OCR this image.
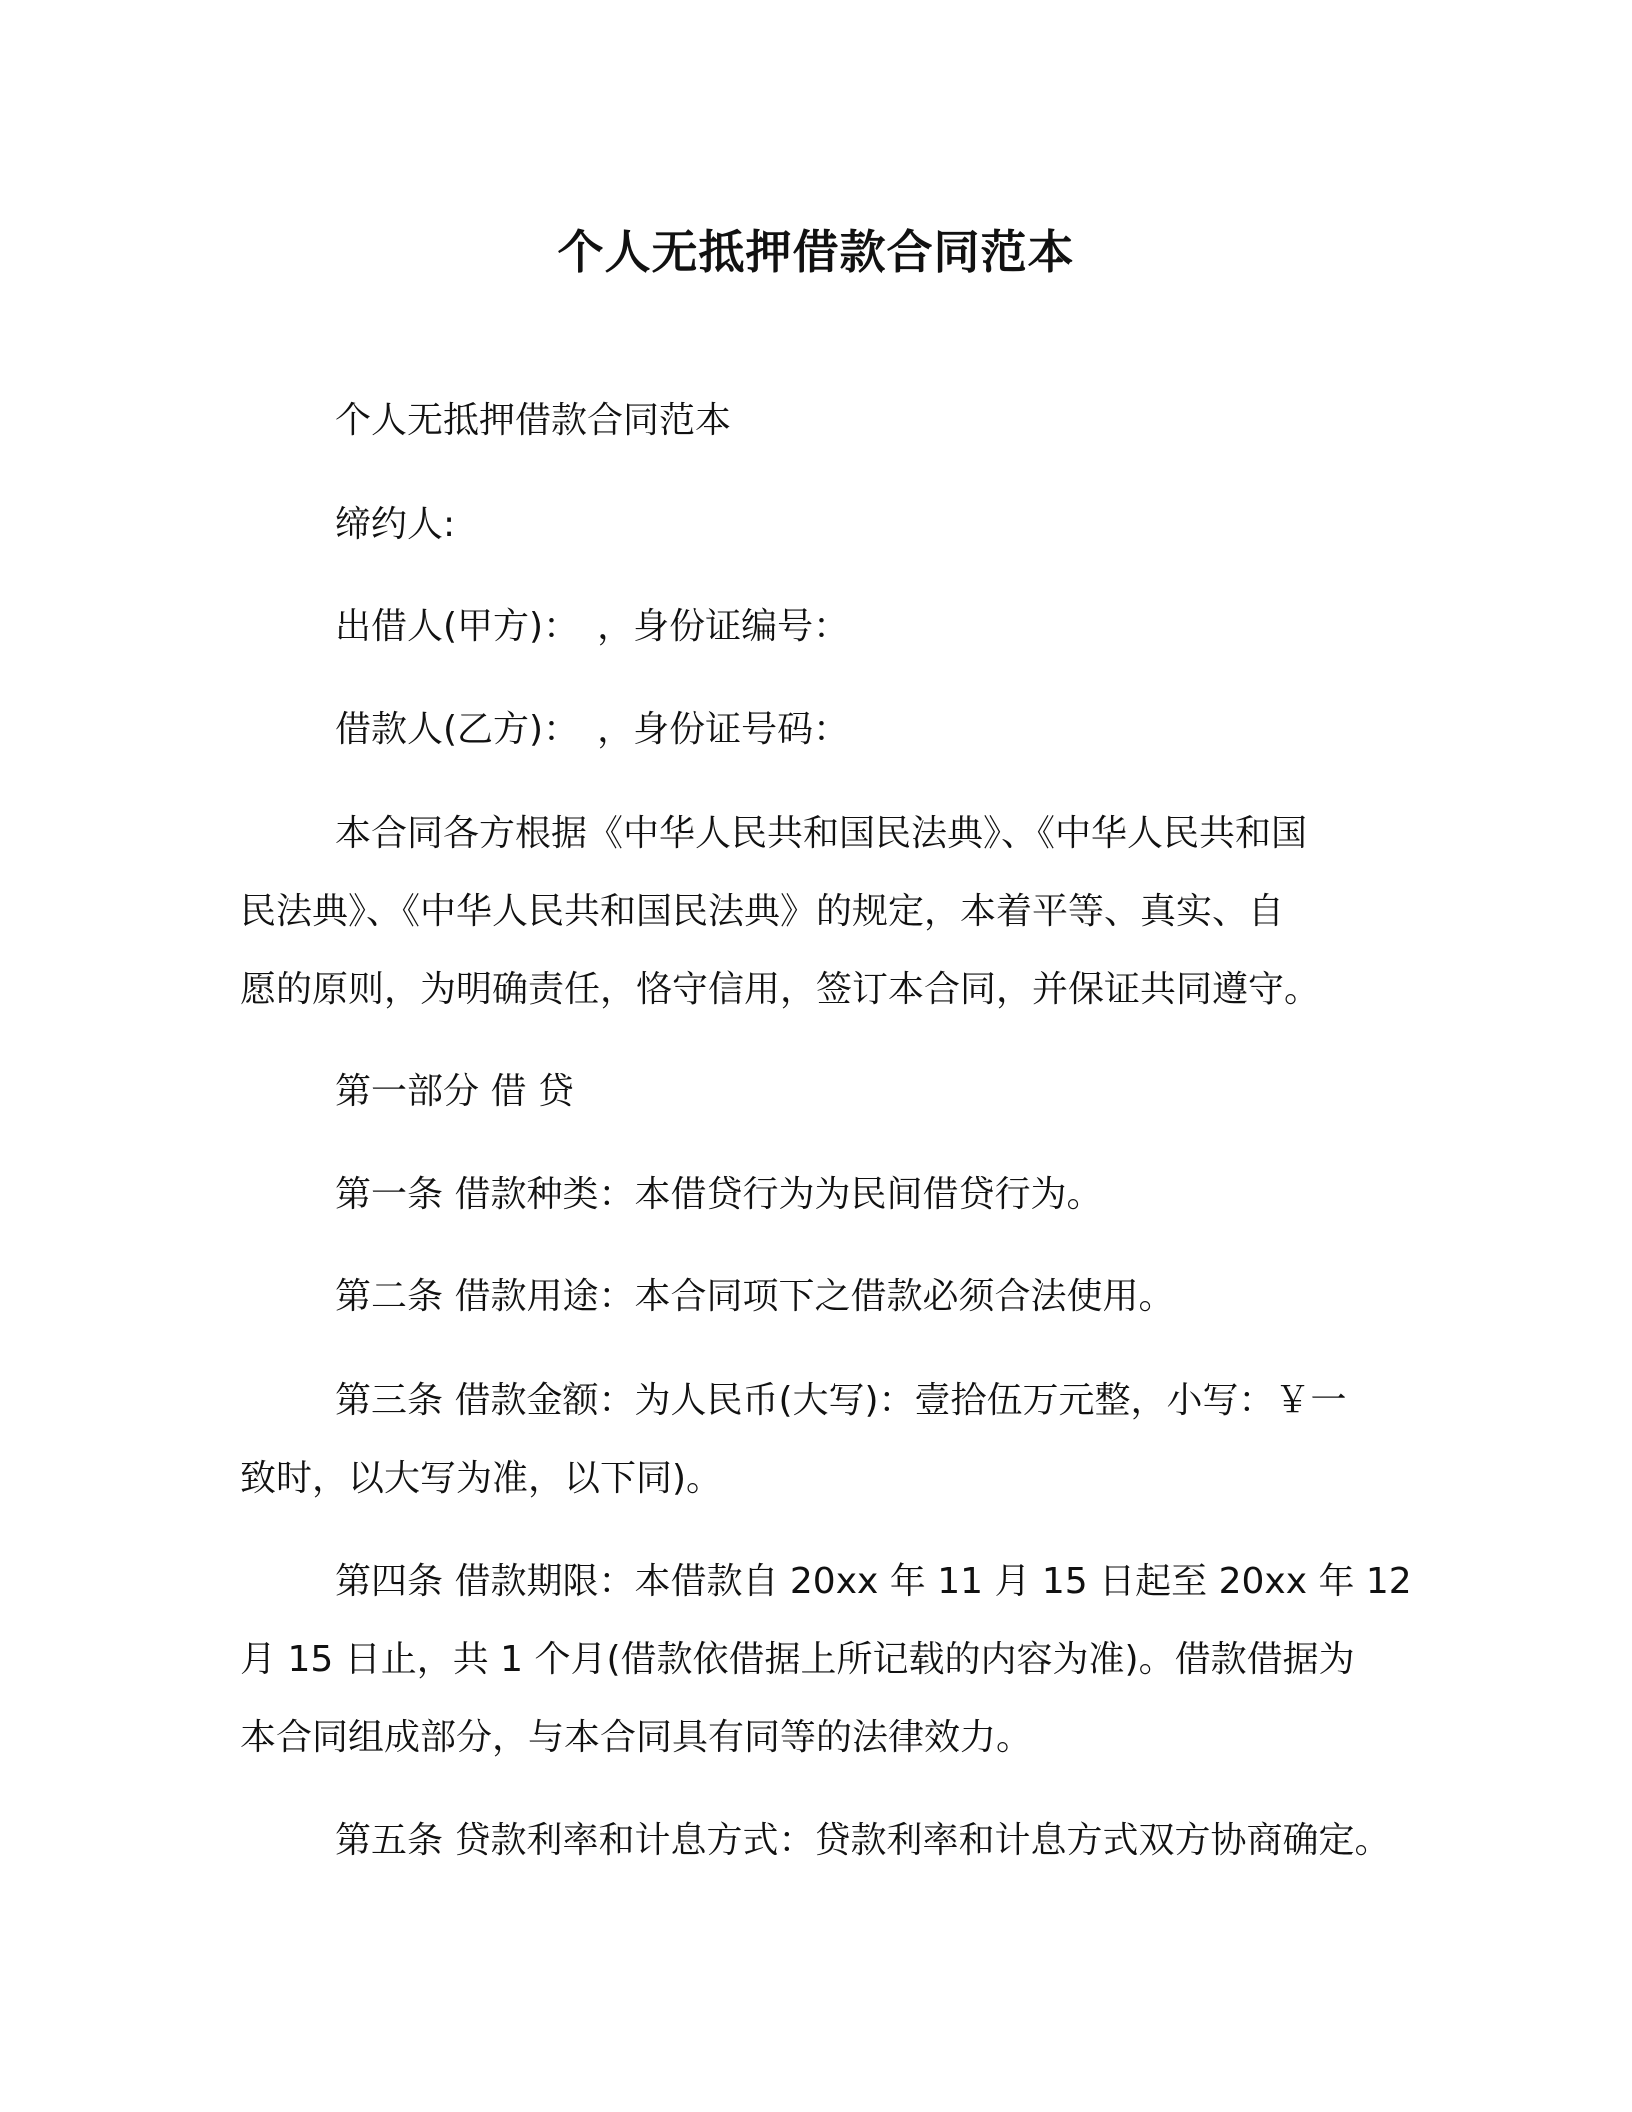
个人无抵押借款合同范本
个人无抵押借款合同范本
缔约人:
出借人(甲方)：　，身份证编号：
借款人(乙方)：　，身份证号码：
本合同各方根据《中华人民共和国民法典》、《中华人民共和国
民法典》、《中华人民共和国民法典》的规定，本着平等、真实、自
愿的原则，为明确责任，恪守信用，签订本合同，并保证共同遵守。
第一部分 借 贷
第一条 借款种类：本借贷行为为民间借贷行为。
第二条 借款用途：本合同项下之借款必须合法使用。
第三条 借款金额：为人民币(大写)：壹拾伍万元整，小写：￥一
致时，以大写为准，以下同)。
第四条 借款期限：本借款自 20xx 年 11 月 15 日起至 20xx 年 12
月 15 日止，共 1 个月(借款依借据上所记载的内容为准)。借款借据为
本合同组成部分，与本合同具有同等的法律效力。
第五条 贷款利率和计息方式：贷款利率和计息方式双方协商确定。
